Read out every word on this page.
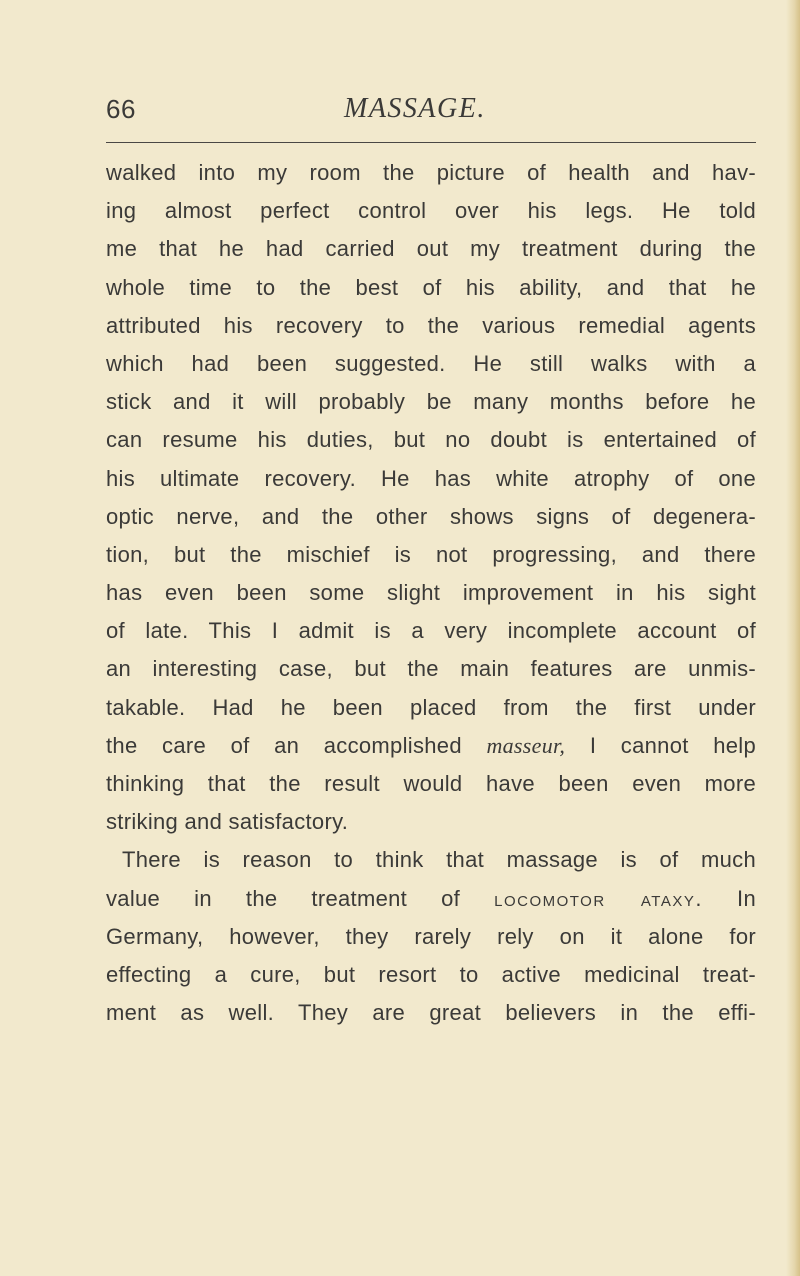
66	MASSAGE.
walked into my room the picture of health and hav-
ing almost perfect control over his legs. He told
me that he had carried out my treatment during the
whole time to the best of his ability, and that he
attributed his recovery to the various remedial agents
which had been suggested. He still walks with a
stick and it will probably be many months before he
can resume his duties, but no doubt is entertained of
his ultimate recovery. He has white atrophy of one
optic nerve, and the other shows signs of degenera-
tion, but the mischief is not progressing, and there
has even been some slight improvement in his sight
of late. This I admit is a very incomplete account of
an interesting case, but the main features are unmis-
takable. Had he been placed from the first under
the care of an accomplished masseur, I cannot help
thinking that the result would have been even more
striking and satisfactory.
There is reason to think that massage is of much
value in the treatment of locomotor ataxy. In
Germany, however, they rarely rely on it alone for
effecting a cure, but resort to active medicinal treat-
ment as well. They are great believers in the effi-
